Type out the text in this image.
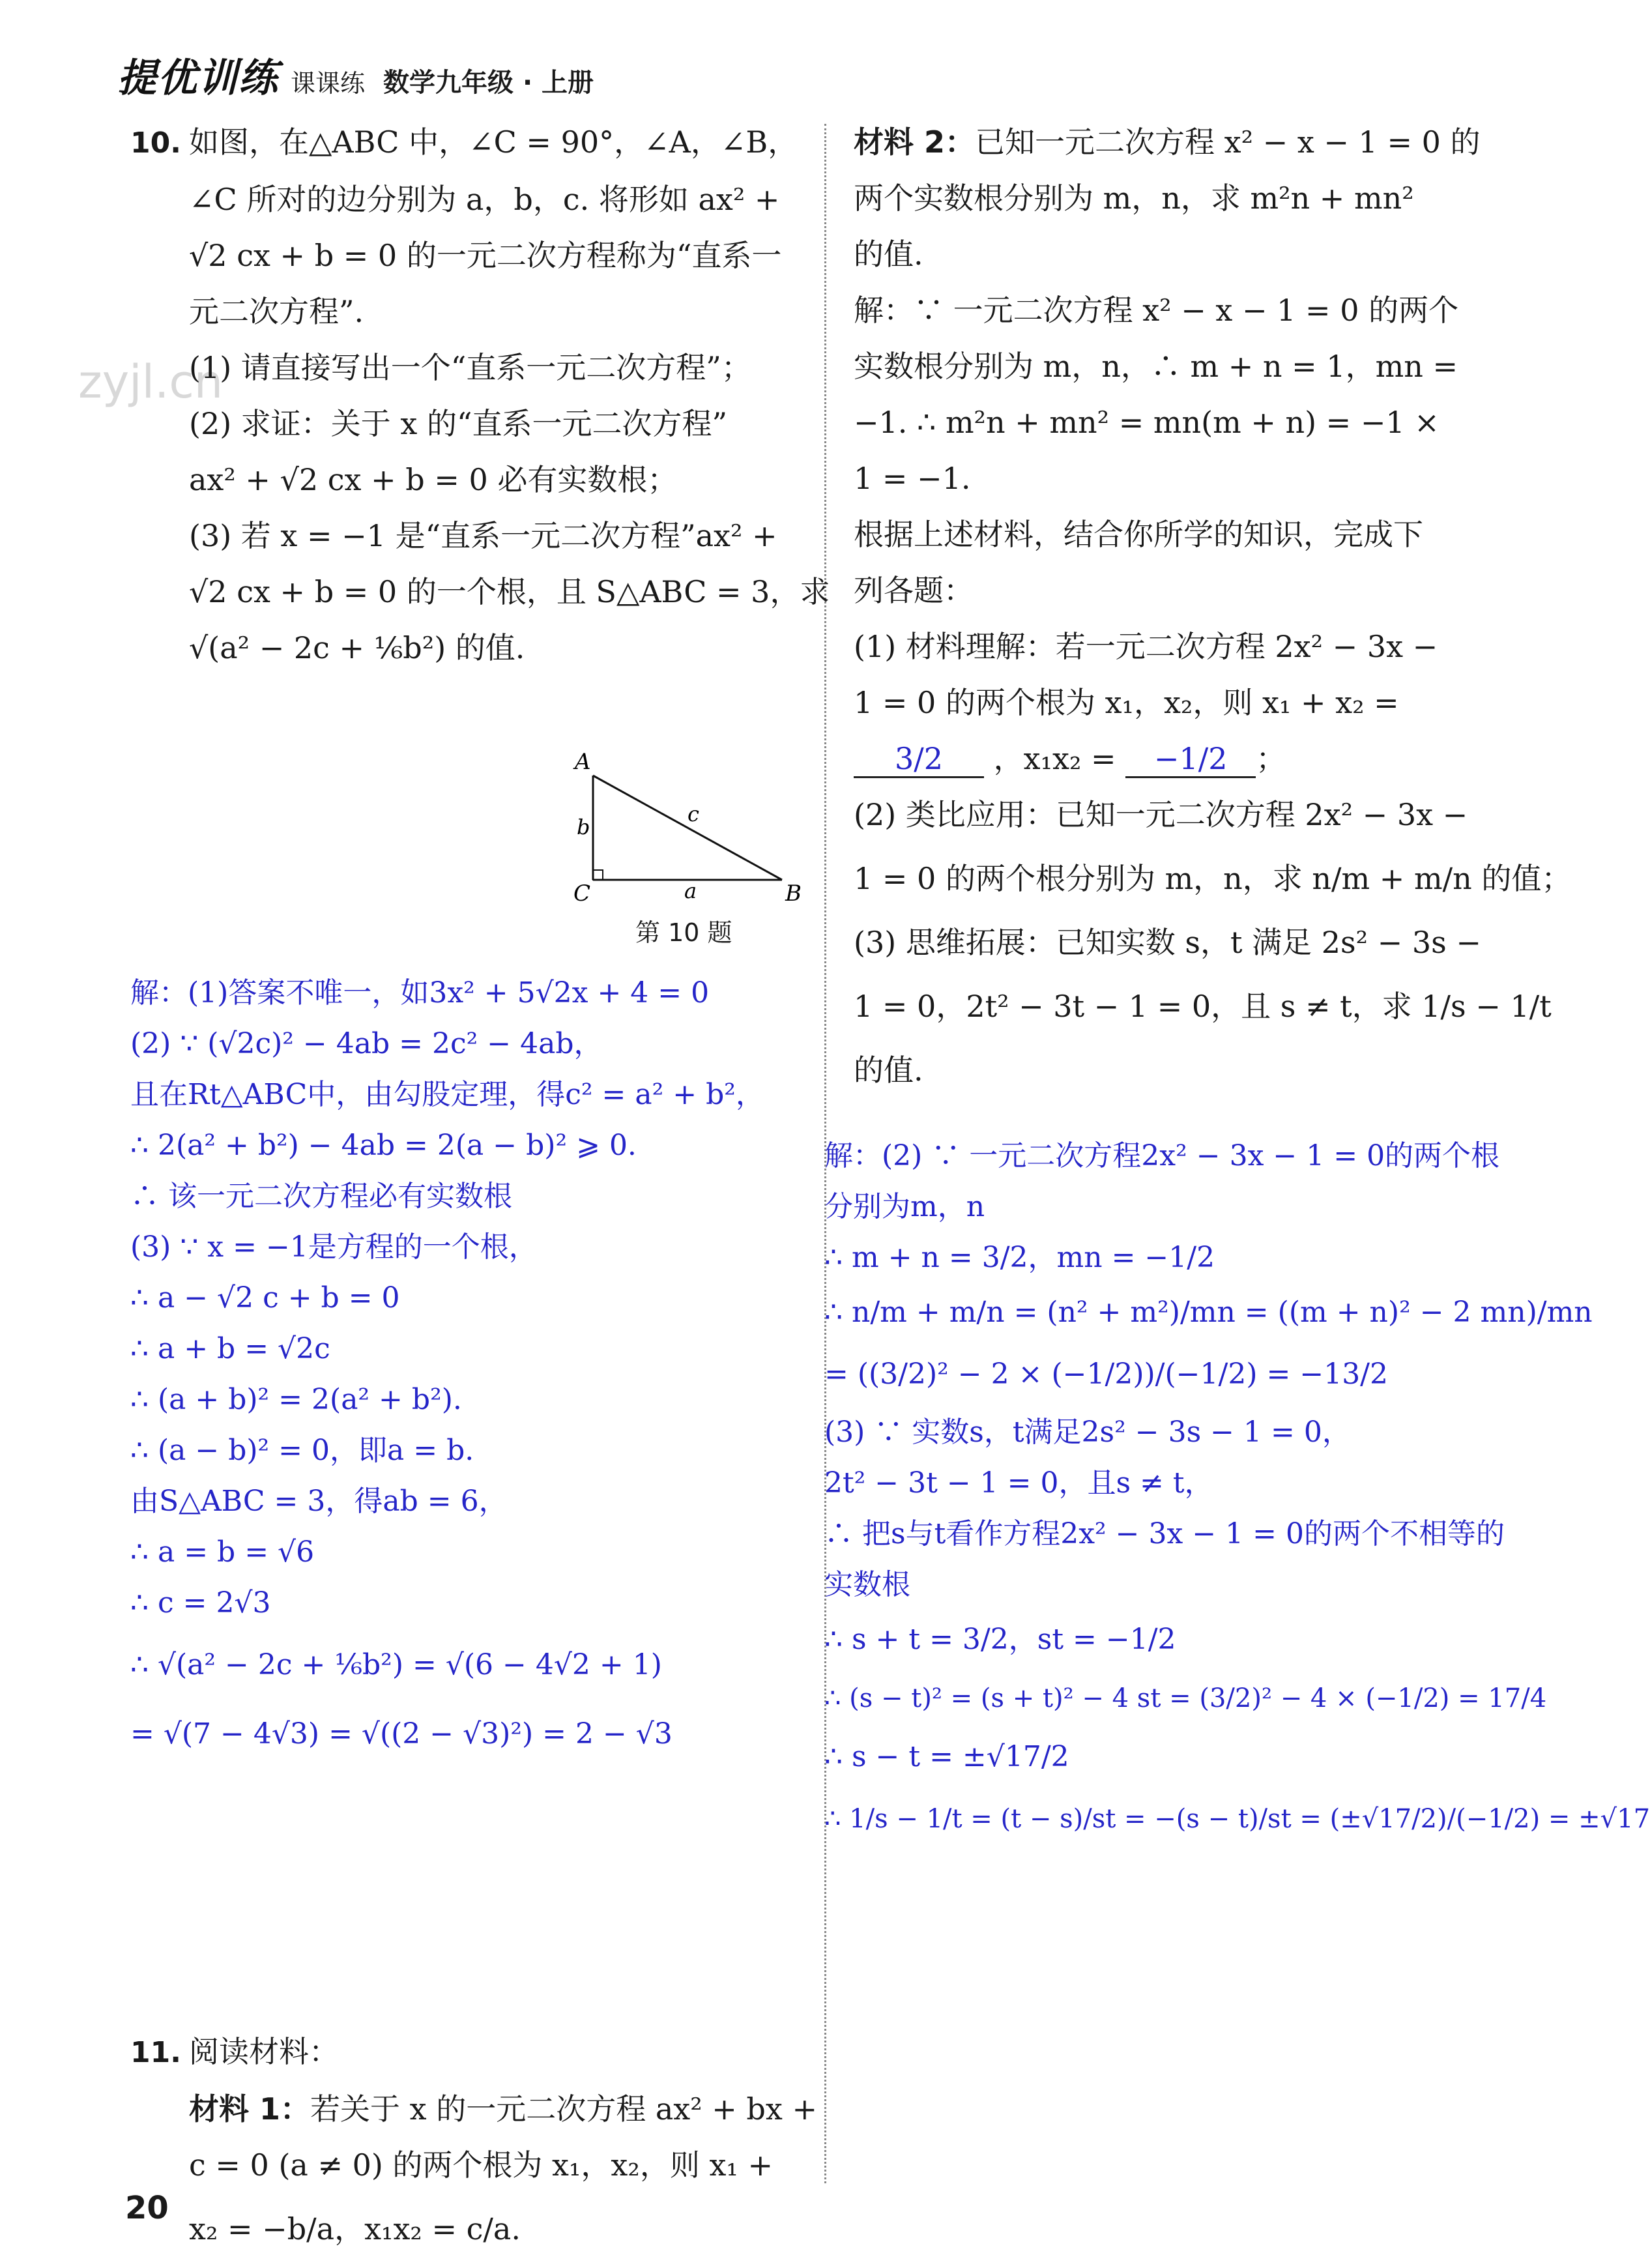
提优训练 课课练 数学九年级 · 上册
zyjl.cn

10. 如图，在△ABC 中，∠C = 90°，∠A，∠B，

∠C 所对的边分别为 a，b，c. 将形如 ax² +

√2 cx + b = 0 的一元二次方程称为“直系一

元二次方程”.

(1) 请直接写出一个“直系一元二次方程”；

(2) 求证：关于 x 的“直系一元二次方程”

ax² + √2 cx + b = 0 必有实数根；

(3) 若 x = −1 是“直系一元二次方程”ax² +

√2 cx + b = 0 的一个根，且 S△ABC = 3，求

√(a² − 2c + ⅙b²) 的值.

解：(1)答案不唯一，如3x² + 5√2x + 4 = 0

(2) ∵ (√2c)² − 4ab = 2c² − 4ab，

且在Rt△ABC中，由勾股定理，得c² = a² + b²，

∴ 2(a² + b²) − 4ab = 2(a − b)² ⩾ 0.

∴ 该一元二次方程必有实数根

(3) ∵ x = −1是方程的一个根，

∴ a − √2 c + b = 0

∴ a + b = √2c

∴ (a + b)² = 2(a² + b²).

∴ (a − b)² = 0，即a = b.

由S△ABC = 3，得ab = 6，

∴ a = b = √6

∴ c = 2√3

∴ √(a² − 2c + ⅙b²) = √(6 − 4√2 + 1)

= √(7 − 4√3) = √((2 − √3)²) = 2 − √3

11. 阅读材料：

材料 1：若关于 x 的一元二次方程 ax² + bx +

c = 0 (a ≠ 0) 的两个根为 x₁，x₂，则 x₁ +

x₂ = −b/a，x₁x₂ = c/a.

A
B
C	a
b
c
第 10 题

材料 2：已知一元二次方程 x² − x − 1 = 0 的

两个实数根分别为 m，n，求 m²n + mn²

的值.

解：∵ 一元二次方程 x² − x − 1 = 0 的两个

实数根分别为 m，n，∴ m + n = 1，mn =

−1. ∴ m²n + mn² = mn(m + n) = −1 ×

1 = −1.

根据上述材料，结合你所学的知识，完成下

列各题：

(1) 材料理解：若一元二次方程 2x² − 3x −

1 = 0 的两个根为 x₁，x₂，则 x₁ + x₂ =

3/2 ，x₁x₂ = −1/2 ；

(2) 类比应用：已知一元二次方程 2x² − 3x −

1 = 0 的两个根分别为 m，n，求 n/m + m/n 的值；

(3) 思维拓展：已知实数 s，t 满足 2s² − 3s −

1 = 0，2t² − 3t − 1 = 0，且 s ≠ t，求 1/s − 1/t

的值.

解：(2) ∵ 一元二次方程2x² − 3x − 1 = 0的两个根

分别为m，n

∴ m + n = 3/2，mn = −1/2

∴ n/m + m/n = (n² + m²)/mn = ((m + n)² − 2 mn)/mn

= ((3/2)² − 2 × (−1/2))/(−1/2) = −13/2

(3) ∵ 实数s，t满足2s² − 3s − 1 = 0，

2t² − 3t − 1 = 0，且s ≠ t，

∴ 把s与t看作方程2x² − 3x − 1 = 0的两个不相等的

实数根

∴ s + t = 3/2，st = −1/2

∴ (s − t)² = (s + t)² − 4 st = (3/2)² − 4 × (−1/2) = 17/4

∴ s − t = ±√17/2

∴ 1/s − 1/t = (t − s)/st = −(s − t)/st = (±√17/2)/(−1/2) = ±√17

20
